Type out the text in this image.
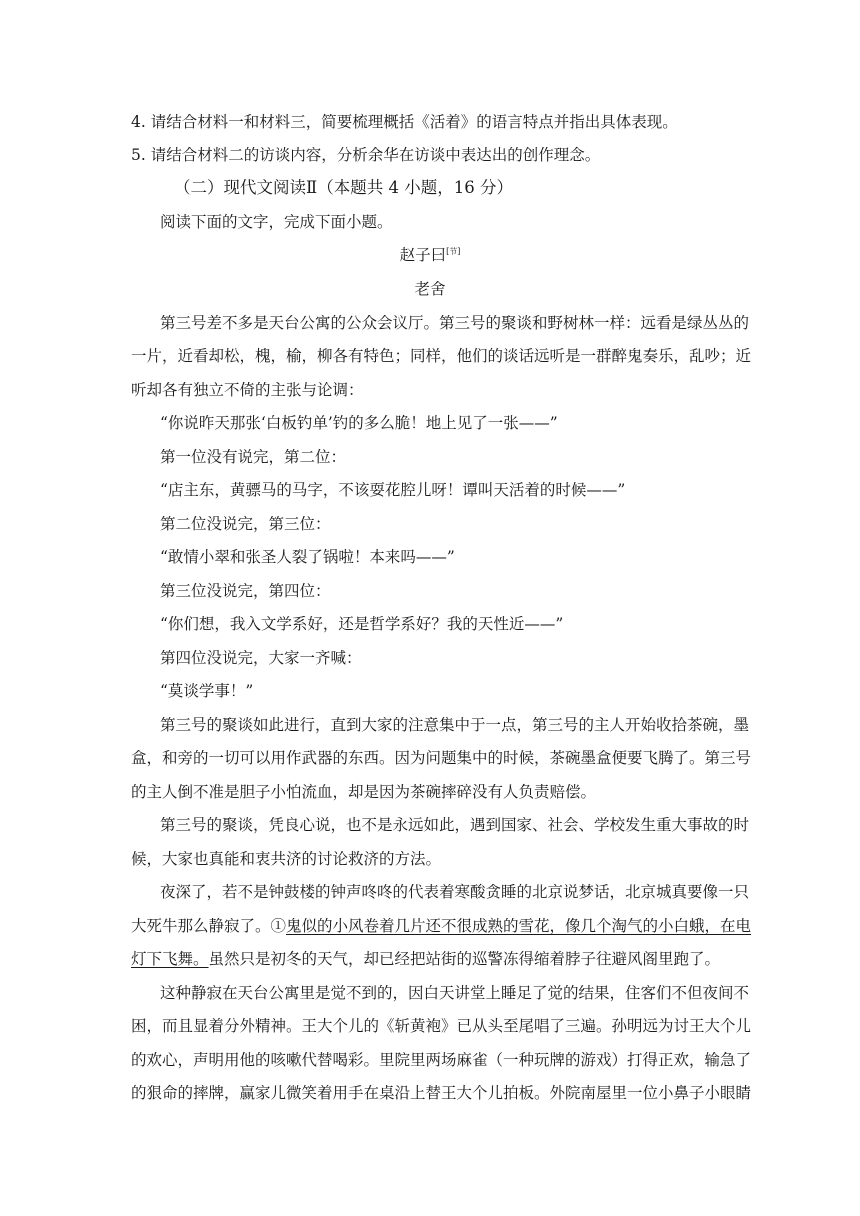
4. 请结合材料一和材料三，简要梳理概括《活着》的语言特点并指出具体表现。
5. 请结合材料二的访谈内容，分析余华在访谈中表达出的创作理念。
（二）现代文阅读Ⅱ（本题共 4 小题，16 分）
阅读下面的文字，完成下面小题。
赵子曰[节]
老舍
第三号差不多是天台公寓的公众会议厅。第三号的聚谈和野树林一样：远看是绿丛丛的
一片，近看却松，槐，榆，柳各有特色；同样，他们的谈话远听是一群醉鬼奏乐，乱吵；近
听却各有独立不倚的主张与论调：
“你说昨天那张‘白板钓单’钓的多么脆！地上见了一张——”
第一位没有说完，第二位：
“店主东，黄骠马的马字，不该耍花腔儿呀！谭叫天活着的时候——”
第二位没说完，第三位：
“敢情小翠和张圣人裂了锅啦！本来吗——”
第三位没说完，第四位：
“你们想，我入文学系好，还是哲学系好？我的天性近——”
第四位没说完，大家一齐喊：
“莫谈学事！”
第三号的聚谈如此进行，直到大家的注意集中于一点，第三号的主人开始收拾茶碗，墨
盒，和旁的一切可以用作武器的东西。因为问题集中的时候，茶碗墨盒便要飞腾了。第三号
的主人倒不准是胆子小怕流血，却是因为茶碗摔碎没有人负责赔偿。
第三号的聚谈，凭良心说，也不是永远如此，遇到国家、社会、学校发生重大事故的时
候，大家也真能和衷共济的讨论救济的方法。
夜深了，若不是钟鼓楼的钟声咚咚的代表着寒酸贪睡的北京说梦话，北京城真要像一只
大死牛那么静寂了。①鬼似的小风卷着几片还不很成熟的雪花，像几个淘气的小白蛾，在电
灯下飞舞。虽然只是初冬的天气，却已经把站街的巡警冻得缩着脖子往避风阁里跑了。
这种静寂在天台公寓里是觉不到的，因白天讲堂上睡足了觉的结果，住客们不但夜间不
困，而且显着分外精神。王大个儿的《斩黄袍》已从头至尾唱了三遍。孙明远为讨王大个儿
的欢心，声明用他的咳嗽代替喝彩。里院里两场麻雀（一种玩牌的游戏）打得正欢，输急了
的狠命的摔牌，赢家儿微笑着用手在桌沿上替王大个儿拍板。外院南屋里一位小鼻子小眼睛
